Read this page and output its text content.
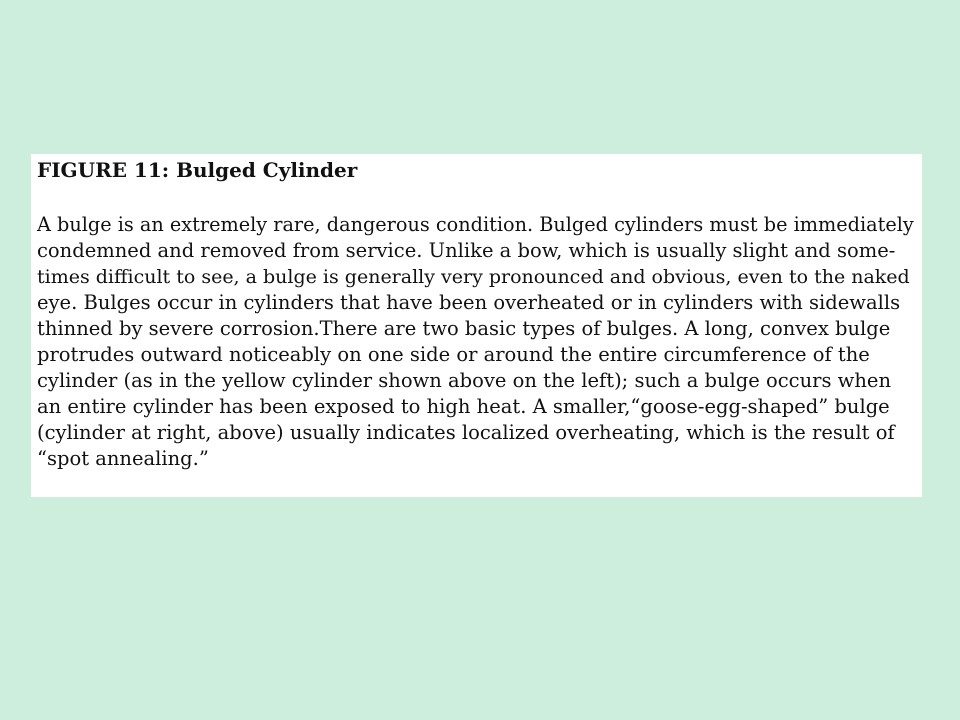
FIGURE 11: Bulged Cylinder
A bulge is an extremely rare, dangerous condition. Bulged cylinders must be immediately
condemned and removed from service. Unlike a bow, which is usually slight and some-
times difficult to see, a bulge is generally very pronounced and obvious, even to the naked
eye. Bulges occur in cylinders that have been overheated or in cylinders with sidewalls
thinned by severe corrosion.There are two basic types of bulges. A long, convex bulge
protrudes outward noticeably on one side or around the entire circumference of the
cylinder (as in the yellow cylinder shown above on the left); such a bulge occurs when
an entire cylinder has been exposed to high heat. A smaller,“goose-egg-shaped” bulge
(cylinder at right, above) usually indicates localized overheating, which is the result of
“spot annealing.”
